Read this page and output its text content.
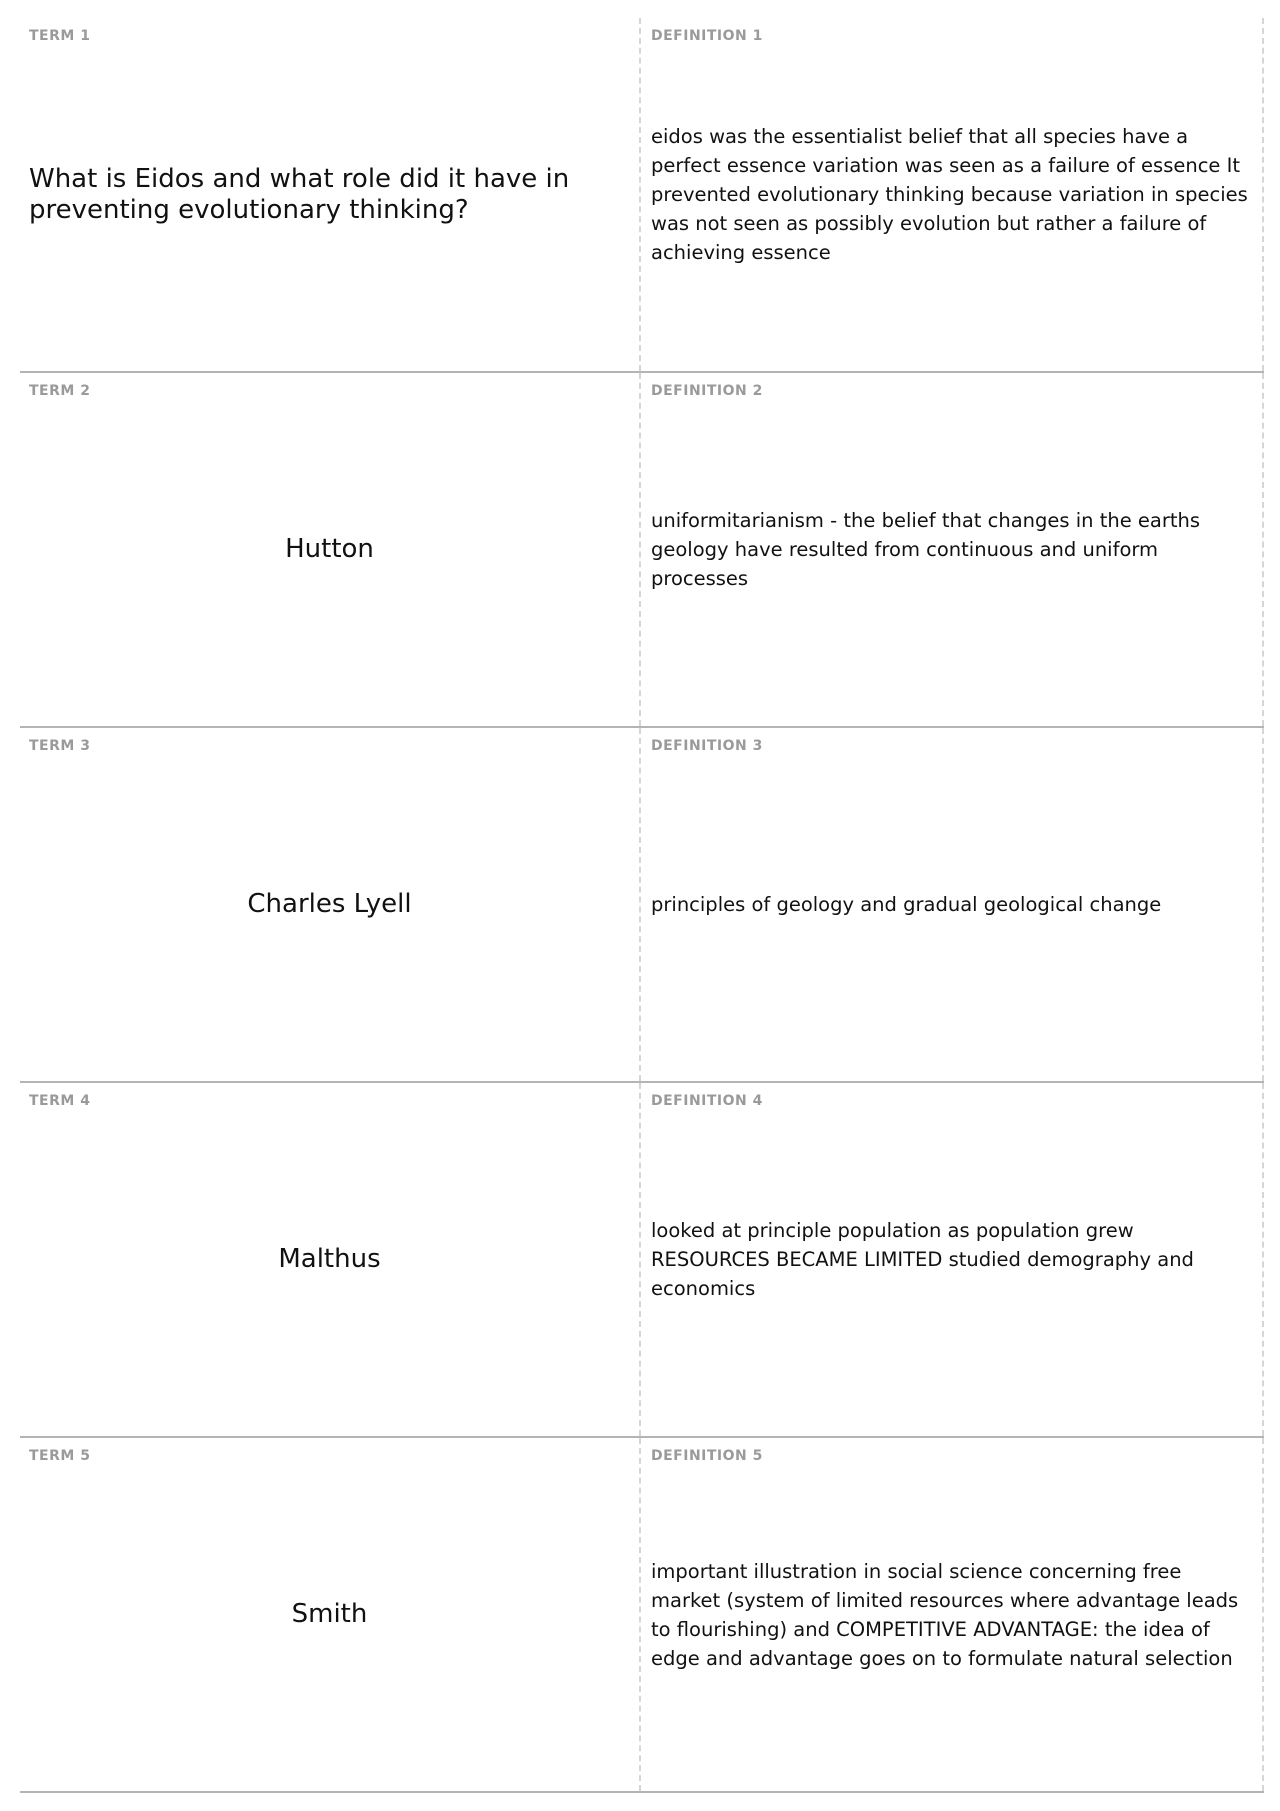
TERM 1
What is Eidos and what role did it have in preventing evolutionary thinking?
DEFINITION 1
eidos was the essentialist belief that all species have a perfect essence variation was seen as a failure of essence It prevented evolutionary thinking because variation in species was not seen as possibly evolution but rather a failure of achieving essence
TERM 2
Hutton
DEFINITION 2
uniformitarianism - the belief that changes in the earths geology have resulted from continuous and uniform processes
TERM 3
Charles Lyell
DEFINITION 3
principles of geology and gradual geological change
TERM 4
Malthus
DEFINITION 4
looked at principle population as population grew RESOURCES BECAME LIMITED studied demography and economics
TERM 5
Smith
DEFINITION 5
important illustration in social science concerning free market (system of limited resources where advantage leads to flourishing) and COMPETITIVE ADVANTAGE: the idea of edge and advantage goes on to formulate natural selection
